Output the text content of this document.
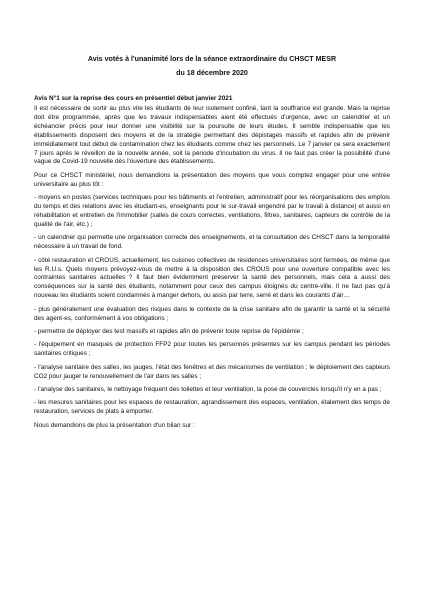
Avis votés à l'unanimité lors de la séance extraordinaire du CHSCT MESR

du 18 décembre 2020

Avis N°1 sur la reprise des cours en présentiel début janvier 2021

Il est nécessaire de sortir au plus vite les étudiants de leur isolement confiné, tant la souffrance est grande. Mais la reprise doit être programmée, après que les travaux indispensables aient été effectués d'urgence, avec un calendrier et un échéancier précis pour leur donner une visibilité sur la poursuite de leurs études. Il semble indispensable que les établissements disposent des moyens et de la stratégie permettant des dépistages massifs et rapides afin de prévenir immédiatement tout début de contamination chez les étudiants comme chez les personnels. Le 7 janvier ce sera exactement 7 jours après le réveillon de la nouvelle année, soit la période d'incubation du virus. Il ne faut pas créer la possibilité d'une vague de Covid-19 nouvelle dès l'ouverture des établissements.

Pour ce CHSCT ministériel, nous demandions la présentation des moyens que vous comptez engager pour une entrée universitaire au plus tôt :

- moyens en postes (services techniques pour les bâtiments et l'entretien, administratif pour les réorganisations des emplois du temps et des relations avec les étudiant-es, enseignants pour le sur-travail engendré par le travail à distance) et aussi en réhabilitation et entretien de l'immobilier (salles de cours correctes, ventilations, filtres, sanitaires, capteurs de contrôle de la qualité de l'air, etc.) ;

- un calendrier qui permette une organisation correcte des enseignements, et la consultation des CHSCT dans la temporalité nécessaire à un travail de fond.

- côté restauration et CROUS, actuellement, les cuisines collectives de résidences universitaires sont fermées, de même que les R.U.s. Quels moyens prévoyez-vous de mettre à la disposition des CROUS pour une ouverture compatible avec les contraintes sanitaires actuelles ? Il faut bien évidemment préserver la santé des personnels, mais cela a aussi des conséquences sur la santé des étudiants, notamment pour ceux des campus éloignés du centre-ville. Il ne faut pas qu'à nouveau les étudiants soient condamnés à manger dehors, ou assis par terre, serré et dans les courants d'air…

- plus généralement une évaluation des risques dans le contexte de la crise sanitaire afin de garantir la santé et la sécurité des agent-es, conformément à vos obligations ;

- permettre de déployer des test massifs et rapides afin de prévenir toute reprise de l'épidémie ;

- l'équipement en masques de protection FFP2 pour toutes les personnes présentes sur les campus pendant les périodes sanitaires critiques ;

- l'analyse sanitaire des salles, les jauges, l'état des fenêtres et des mécanismes de ventilation ; le déploiement des capteurs CO2 pour jauger le renouvellement de l'air dans les salles ;

- l'analyse des sanitaires, le nettoyage fréquent des toilettes et leur ventilation, la pose de couvercles lorsqu'il n'y en a pas ;

- les mesures sanitaires pour les espaces de restauration, agrandissement des espaces, ventilation, étalement des temps de restauration, services de plats à emporter.

Nous demandions de plus la présentation d'un bilan sur :
